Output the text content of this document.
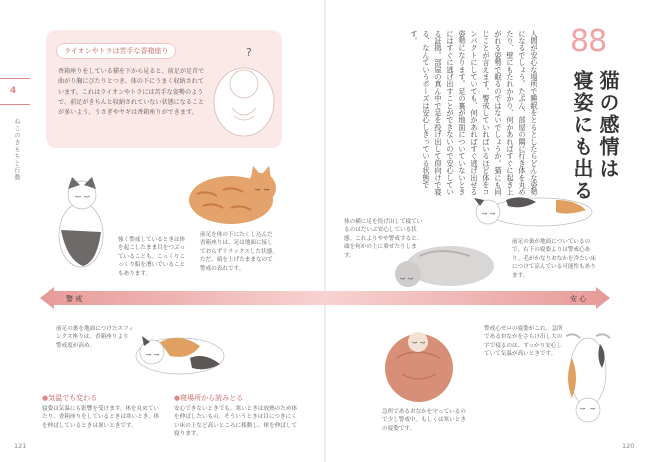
4
ねこのきもちと行動
ライオンやトラは苦手な香箱座り
香箱座りをしている猫を下から見ると、前足が足首で曲がり胸にぴたりとつき、体の下にうまく収納されています。これはライオンやトラには苦手な姿勢のようで、前足がきちんと収納されていない状態になることが多いよう。うさぎやヤギは香箱座りができます。
?
強く警戒しているときは体を起こしたまま目をつぶっていることも。こっくりこっくり船を漕いでいることもあります。
前足を体の下にたくし込んだ香箱座りは、足は地面に接しておらずリラックスした状態。ただ、頭を上げたままなので警戒の表れです。
警 戒	安 心
前足の裏を地面につけたスフィンクス座りは、香箱座りより警戒度が高め。
●気温でも変わる
寝姿は気温にも影響を受けます。体を丸めていたり、香箱座りをしているときは寒いとき。体を伸ばしているときは暑いときです。
●寝場所から読みとる
安心できないときでも、寒いときは放熱のため体を伸ばしたいもの。そういうときは目につきにくい床の上など高いところに移動し、体を伸ばして寝ります。
121
88
猫の感情は
寝姿にも出る
人間が安心な場所で睡眠をとるとしたらどんな姿勢になるでしょう。たぶん、部屋の隅に行き体を丸めたり、壁にもたれかかり、何かあればすぐに起き上がれる姿勢で眠るのではないでしょうか。猫にも同じことが言えます。警戒していればいるほど体をコンパクトにしていても、何かあればすぐ逃げ出せる姿勢になります。足の裏が地面についていないときにはすぐに逃げ出すことができないので安心している証拠。部屋の真ん中で足を投げ出して仰向けで寝る、なんていうポーズは安心しきっている状態です。
体の横に足を投げ出して寝ているのはだいぶ安心している状態。これよりやや警戒すると、頭を何かの上に乗せたりします。
前足の裏が地面についているので、右下の寝姿よりは警戒心あり。毛がかなりおなかを冷たい床につけて涼んでいる可能性もあります。
急所であるおなかを守っているので少し警戒中。もしくは寒いときの寝姿です。
警戒心ゼロの寝姿がこれ。急所であるおなかをさらけ出し大の字で寝るのは、すっかり安心していて気温が高いときです。
120
